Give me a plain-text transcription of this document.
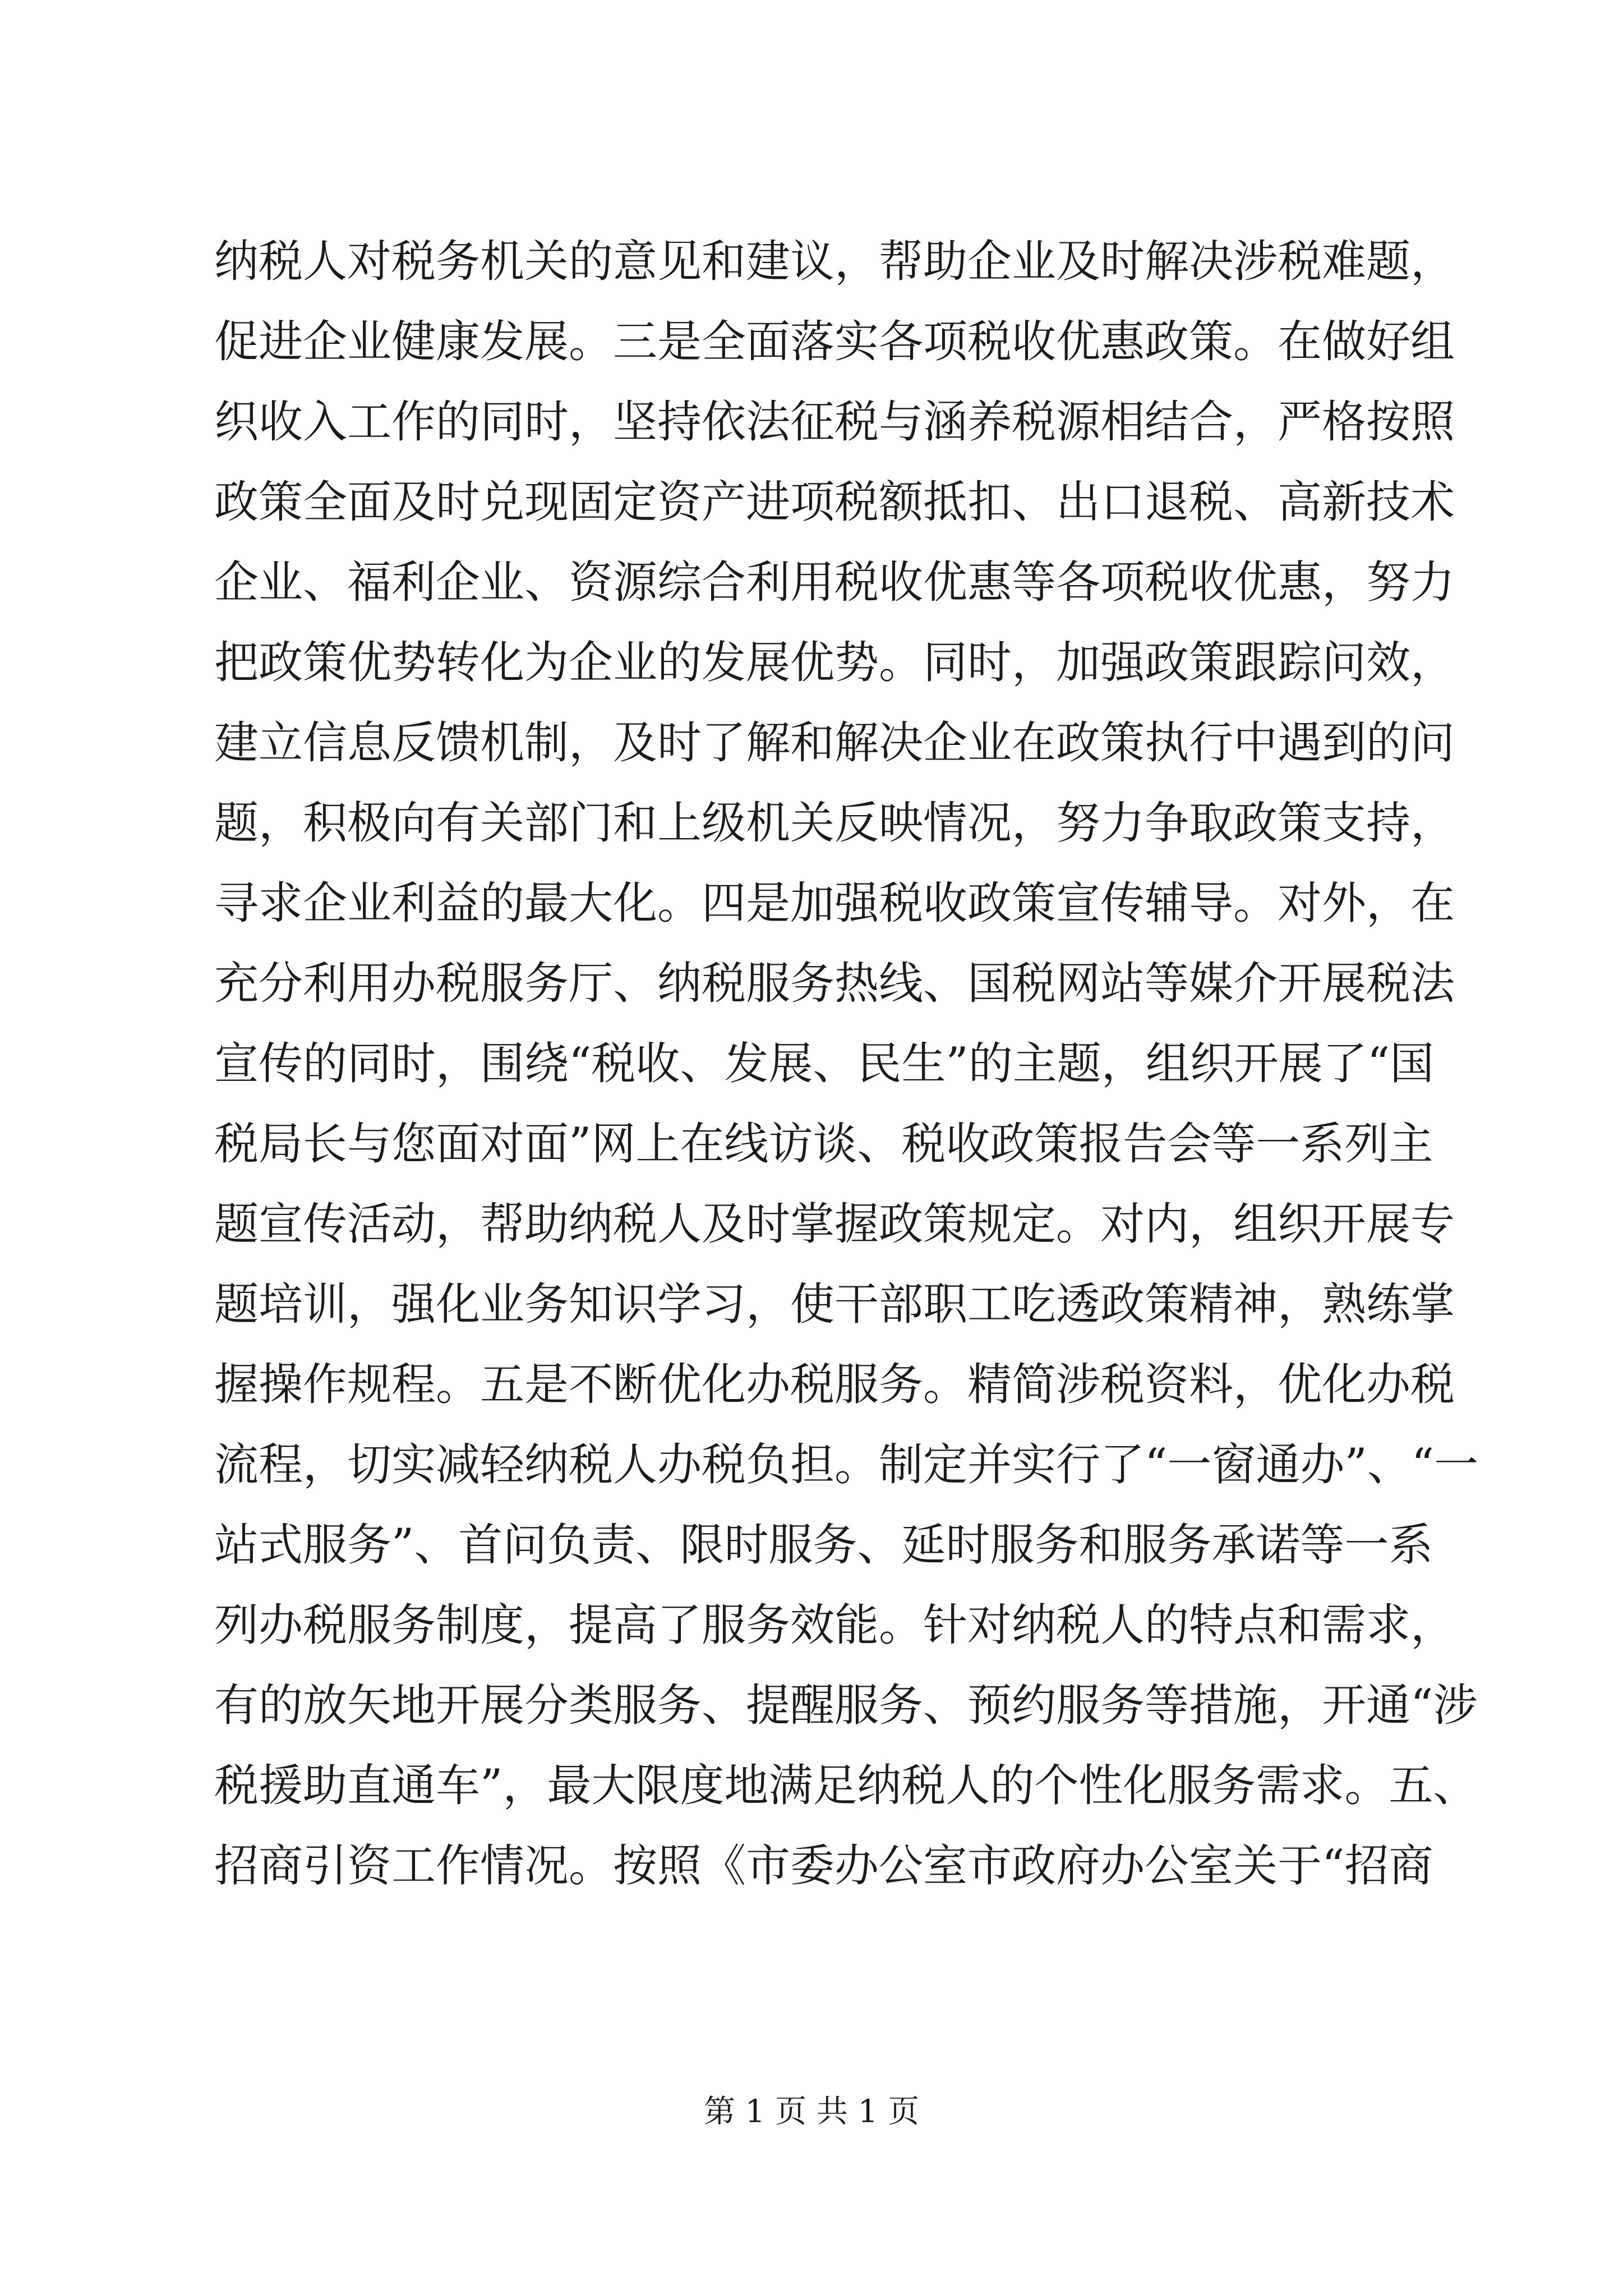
纳税人对税务机关的意见和建议，帮助企业及时解决涉税难题，
促进企业健康发展。三是全面落实各项税收优惠政策。在做好组
织收入工作的同时，坚持依法征税与涵养税源相结合，严格按照
政策全面及时兑现固定资产进项税额抵扣、出口退税、高新技术
企业、福利企业、资源综合利用税收优惠等各项税收优惠，努力
把政策优势转化为企业的发展优势。同时，加强政策跟踪问效，
建立信息反馈机制，及时了解和解决企业在政策执行中遇到的问
题，积极向有关部门和上级机关反映情况，努力争取政策支持，
寻求企业利益的最大化。四是加强税收政策宣传辅导。对外，在
充分利用办税服务厅、纳税服务热线、国税网站等媒介开展税法
宣传的同时，围绕“税收、发展、民生”的主题，组织开展了“国
税局长与您面对面”网上在线访谈、税收政策报告会等一系列主
题宣传活动，帮助纳税人及时掌握政策规定。对内，组织开展专
题培训，强化业务知识学习，使干部职工吃透政策精神，熟练掌
握操作规程。五是不断优化办税服务。精简涉税资料，优化办税
流程，切实减轻纳税人办税负担。制定并实行了“一窗通办”、“一
站式服务”、首问负责、限时服务、延时服务和服务承诺等一系
列办税服务制度，提高了服务效能。针对纳税人的特点和需求，
有的放矢地开展分类服务、提醒服务、预约服务等措施，开通“涉
税援助直通车”，最大限度地满足纳税人的个性化服务需求。五、
招商引资工作情况。按照《市委办公室市政府办公室关于“招商
第 1 页 共 1 页
